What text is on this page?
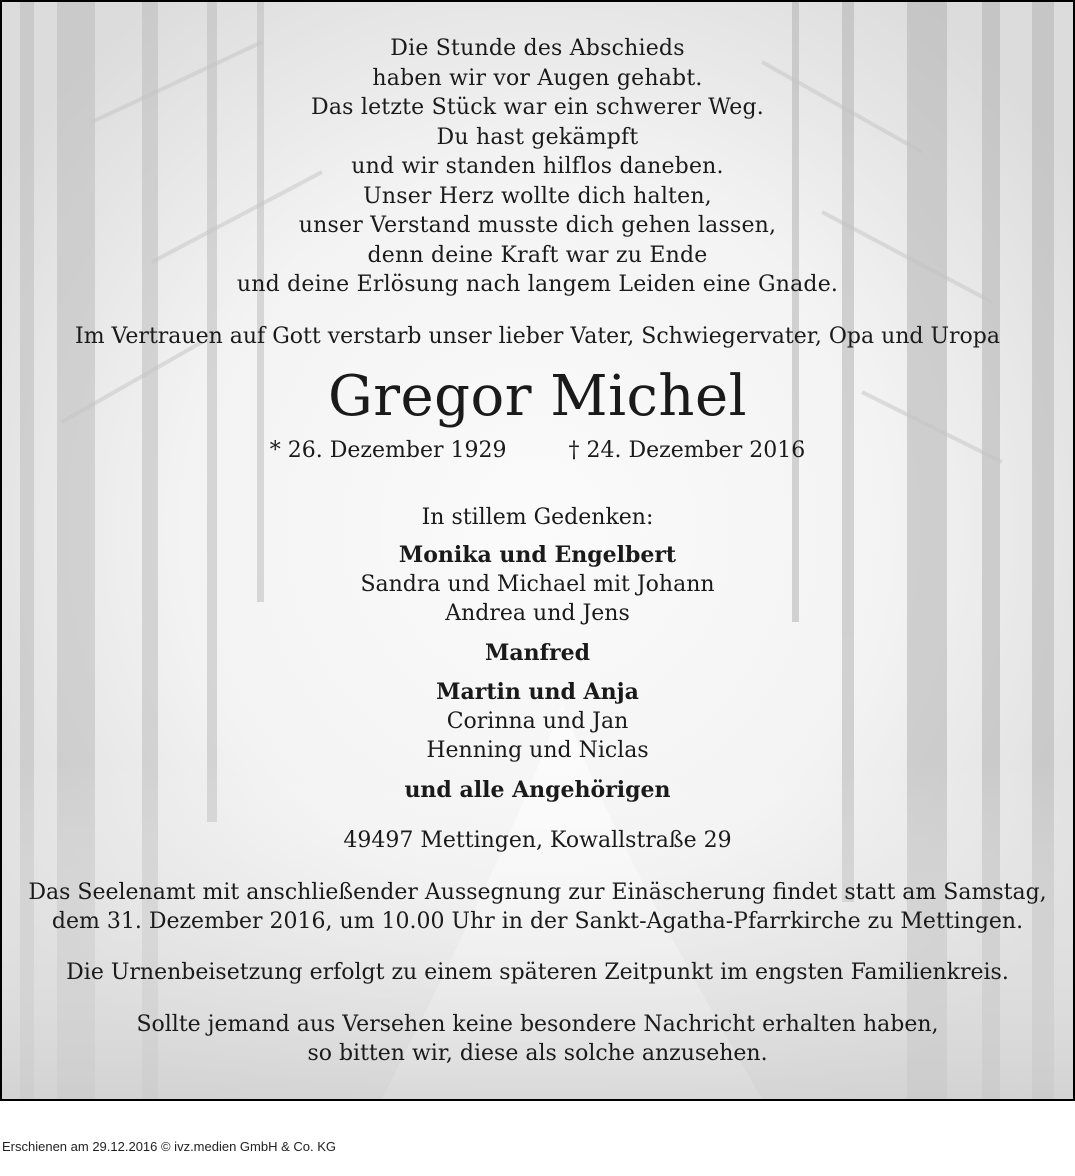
Die Stunde des Abschieds
haben wir vor Augen gehabt.
Das letzte Stück war ein schwerer Weg.
Du hast gekämpft
und wir standen hilflos daneben.
Unser Herz wollte dich halten,
unser Verstand musste dich gehen lassen,
denn deine Kraft war zu Ende
und deine Erlösung nach langem Leiden eine Gnade.
Im Vertrauen auf Gott verstarb unser lieber Vater, Schwiegervater, Opa und Uropa
Gregor Michel
* 26. Dezember 1929	† 24. Dezember 2016
In stillem Gedenken:
Monika und Engelbert
Sandra und Michael mit Johann
Andrea und Jens
Manfred
Martin und Anja
Corinna und Jan
Henning und Niclas
und alle Angehörigen
49497 Mettingen, Kowallstraße 29
Das Seelenamt mit anschließender Aussegnung zur Einäscherung findet statt am Samstag,
dem 31. Dezember 2016, um 10.00 Uhr in der Sankt-Agatha-Pfarrkirche zu Mettingen.
Die Urnenbeisetzung erfolgt zu einem späteren Zeitpunkt im engsten Familienkreis.
Sollte jemand aus Versehen keine besondere Nachricht erhalten haben,
so bitten wir, diese als solche anzusehen.
Erschienen am 29.12.2016 © ivz.medien GmbH & Co. KG
